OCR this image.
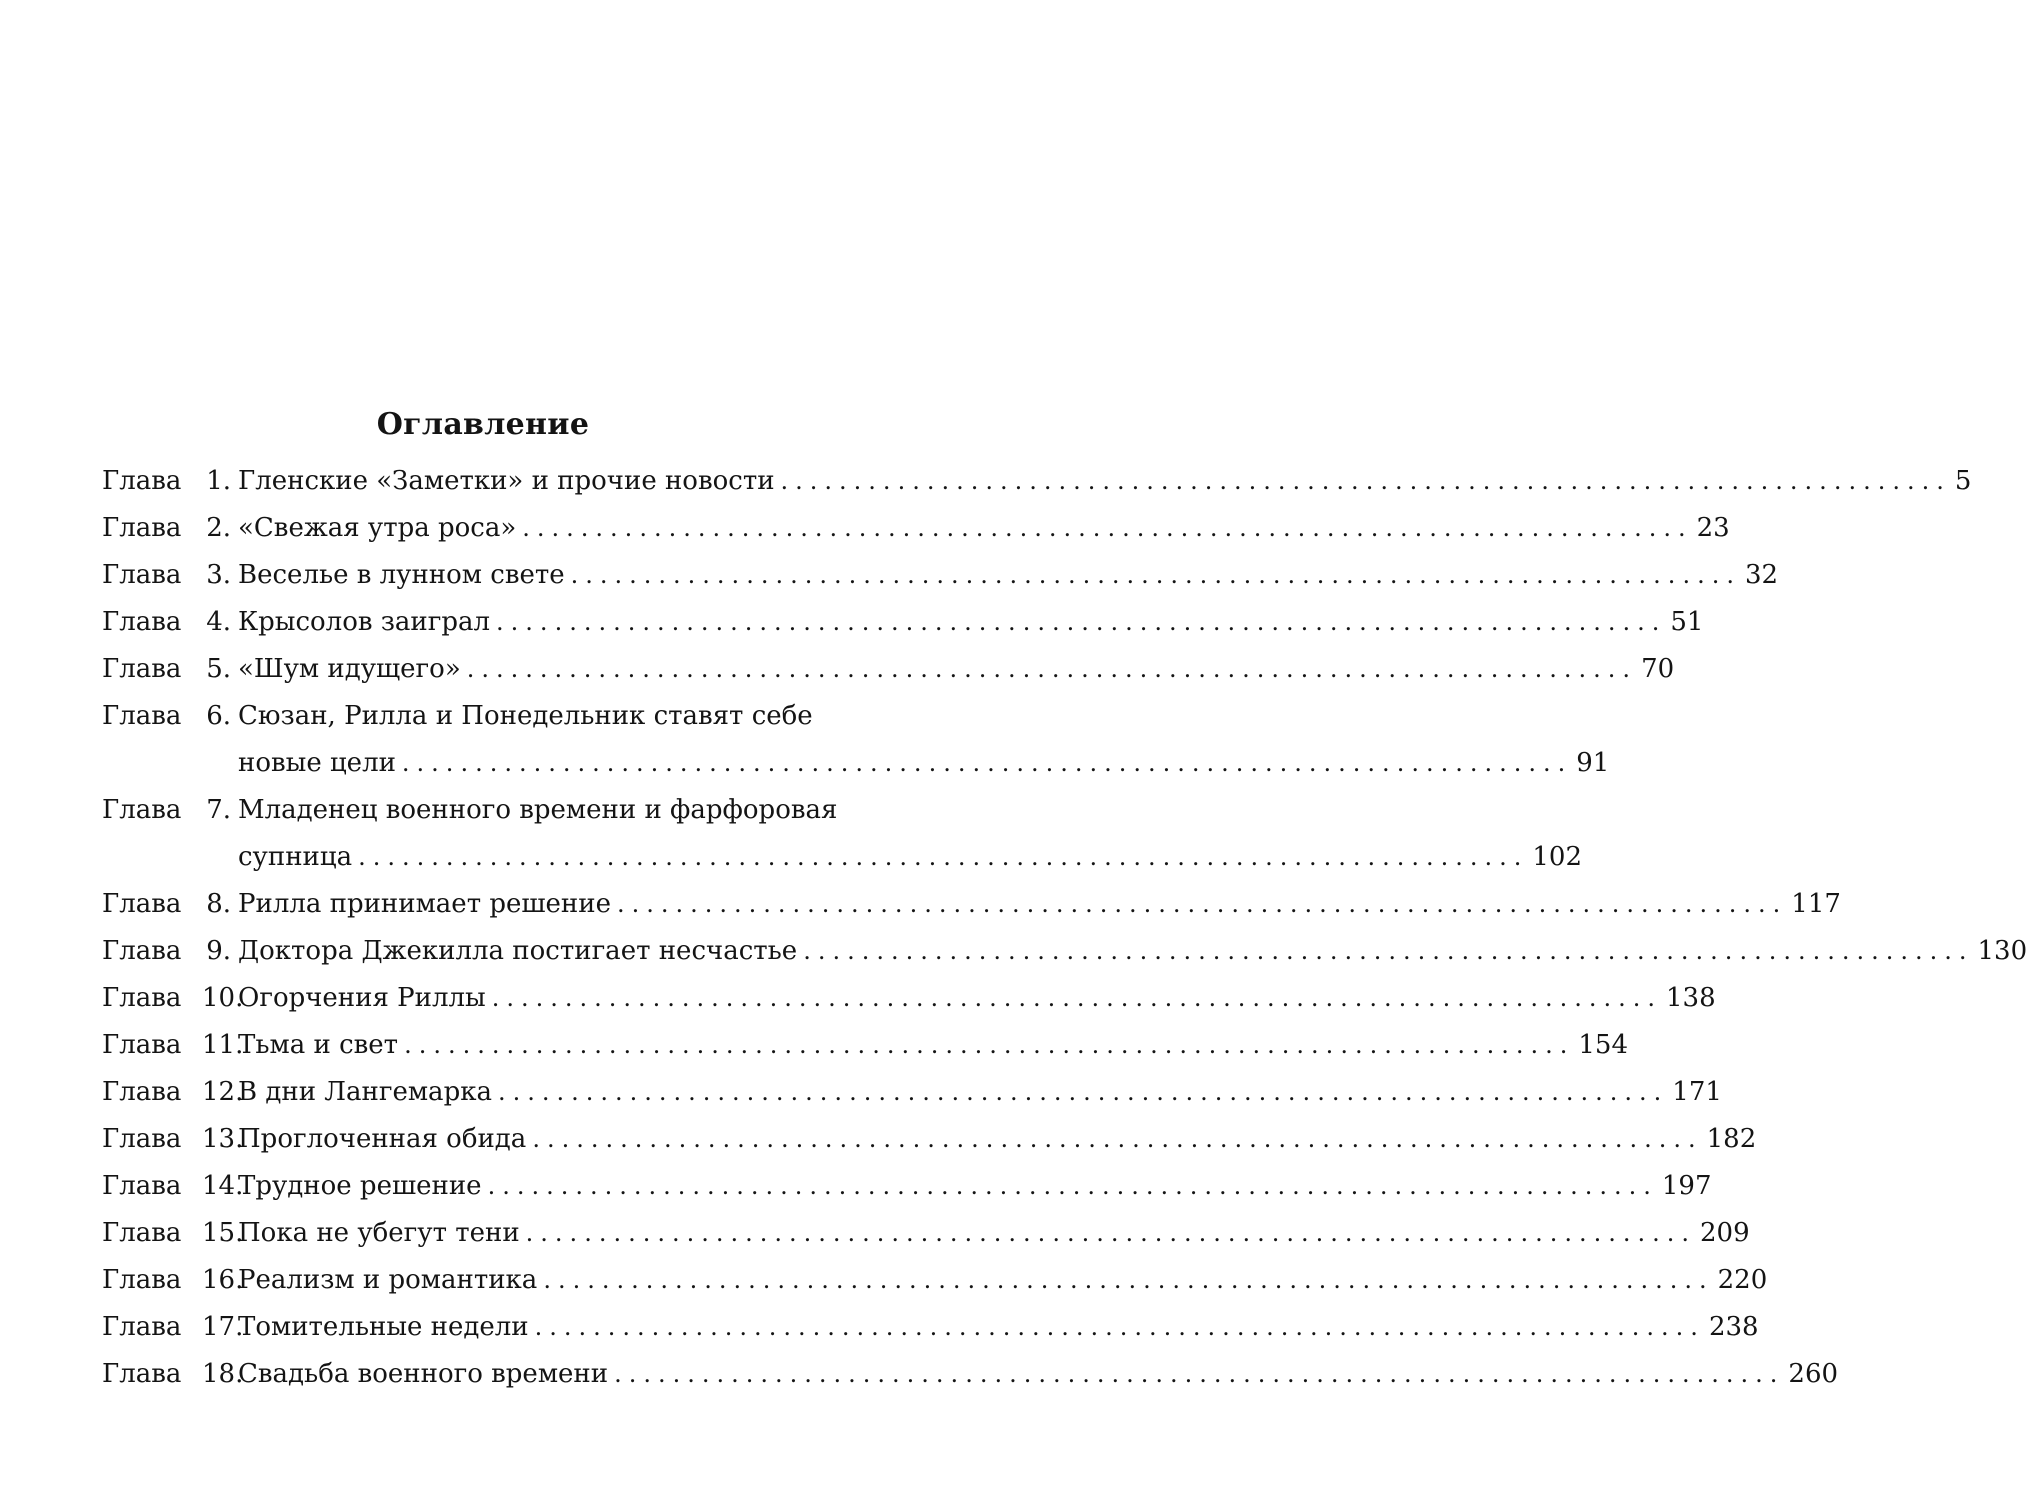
Оглавление
Глава 1. Гленские «Заметки» и прочие новости ................................................................................ 5
Глава 2. «Свежая утра роса» ................................................................................ 23
Глава 3. Веселье в лунном свете ................................................................................ 32
Глава 4. Крысолов заиграл ................................................................................ 51
Глава 5. «Шум идущего» ................................................................................ 70
Глава 6. Сюзан, Рилла и Понедельник ставят себе
новые цели ................................................................................ 91
Глава 7. Младенец военного времени и фарфоровая
супница ................................................................................ 102
Глава 8. Рилла принимает решение ................................................................................ 117
Глава 9. Доктора Джекилла постигает несчастье ................................................................................ 130
Глава 10.
Огорчения Риллы ................................................................................ 138
Глава 11.
Тьма и свет ................................................................................ 154
Глава 12.
В дни Лангемарка ................................................................................ 171
Глава 13.
Проглоченная обида ................................................................................ 182
Глава 14.
Трудное решение ................................................................................ 197
Глава 15.
Пока не убегут тени ................................................................................ 209
Глава 16.
Реализм и романтика ................................................................................ 220
Глава 17.
Томительные недели ................................................................................ 238
Глава 18.
Свадьба военного времени ................................................................................ 260
